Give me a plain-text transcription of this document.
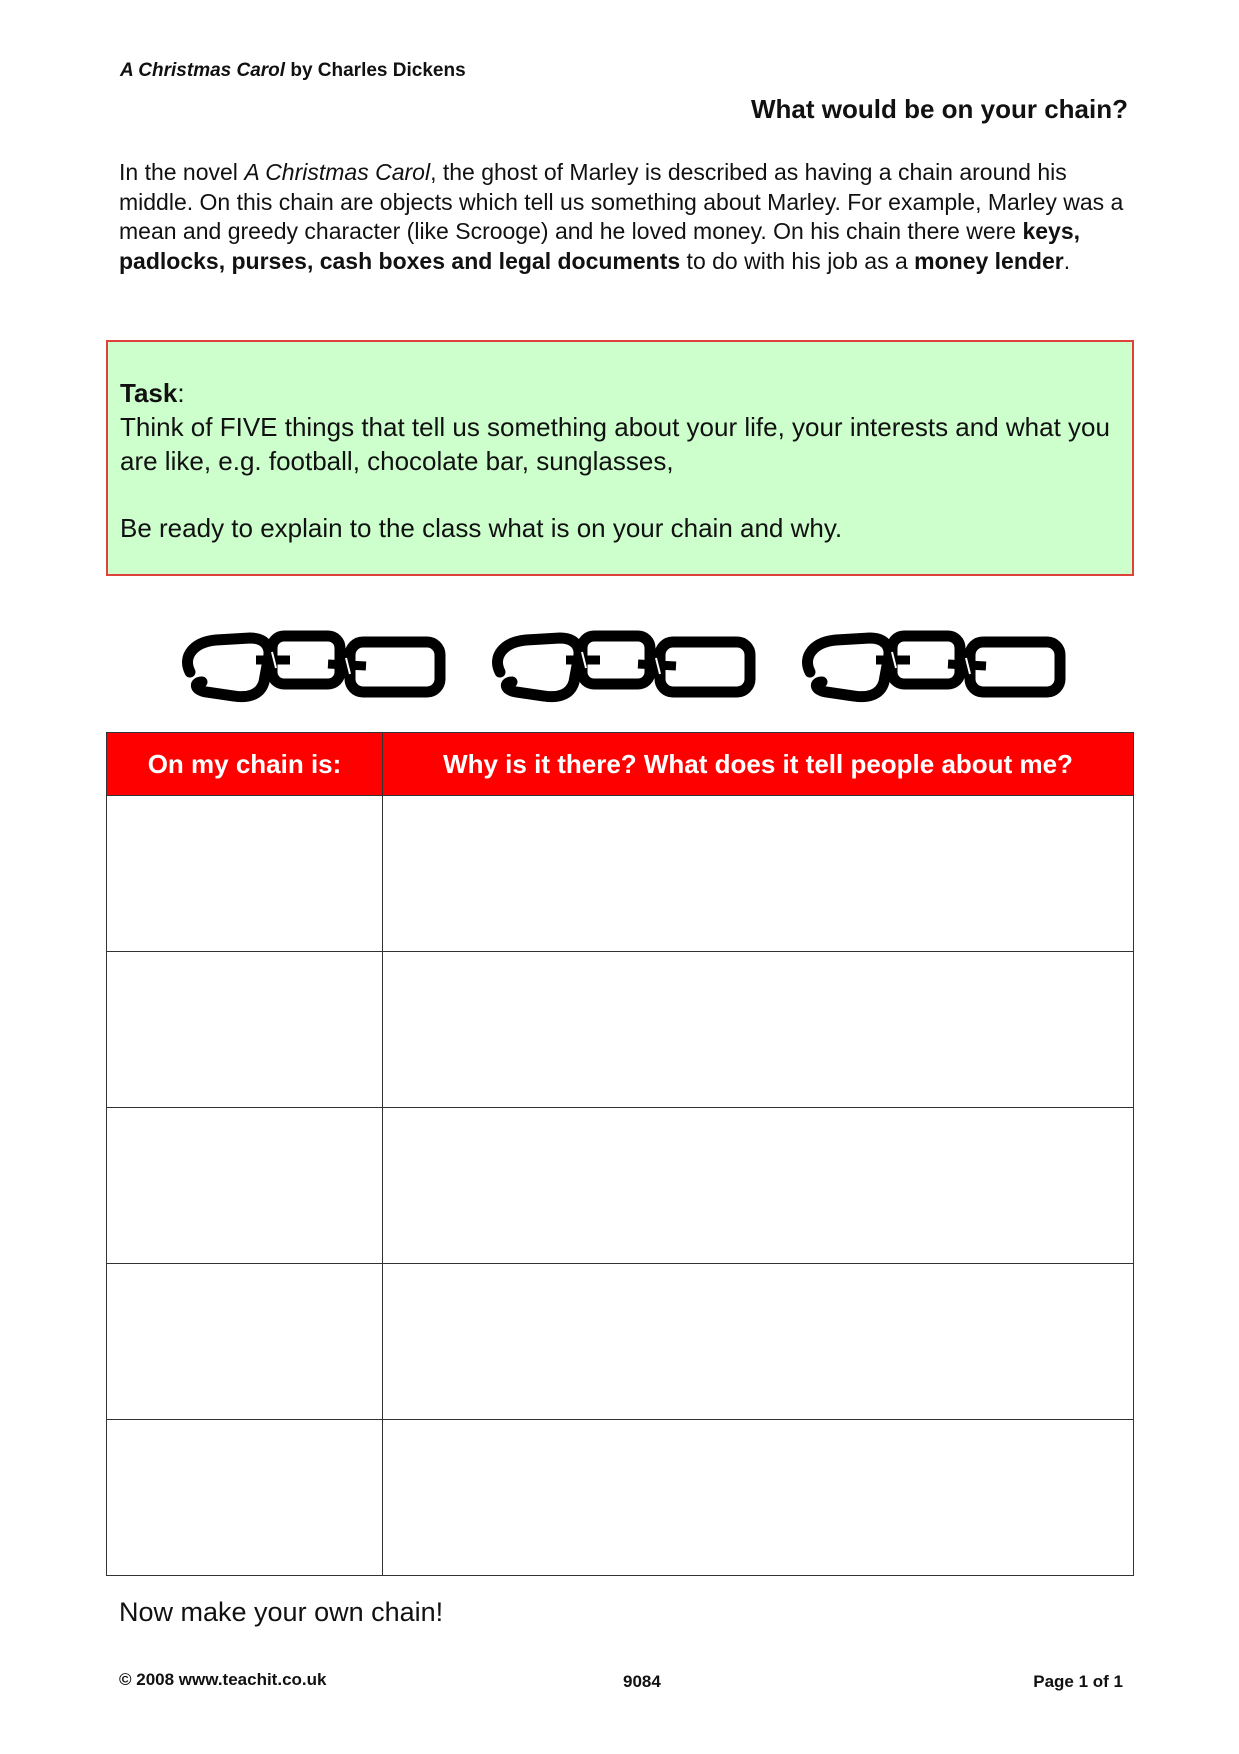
A Christmas Carol by Charles Dickens
What would be on your chain?
In the novel A Christmas Carol, the ghost of Marley is described as having a chain around his middle. On this chain are objects which tell us something about Marley. For example, Marley was a mean and greedy character (like Scrooge) and he loved money. On his chain there were keys, padlocks, purses, cash boxes and legal documents to do with his job as a money lender.
Task:
Think of FIVE things that tell us something about your life, your interests and what you are like, e.g. football, chocolate bar, sunglasses,
Be ready to explain to the class what is on your chain and why.
On my chain is:	Why is it there? What does it tell people about me?

Now make your own chain!
© 2008 www.teachit.co.uk	9084	Page 1 of 1
